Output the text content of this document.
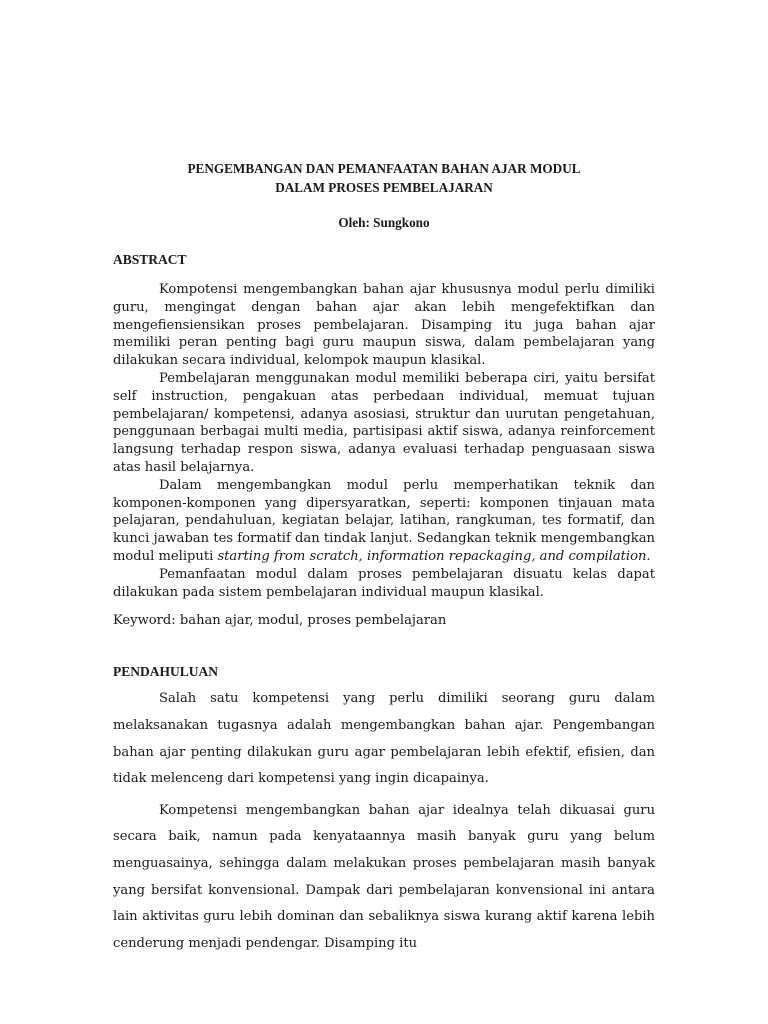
PENGEMBANGAN DAN PEMANFAATAN BAHAN AJAR MODUL
DALAM PROSES PEMBELAJARAN
Oleh: Sungkono
ABSTRACT

Kompotensi mengembangkan bahan ajar khususnya modul perlu dimiliki guru, mengingat dengan bahan ajar akan lebih mengefektifkan dan mengefiensiensikan proses pembelajaran. Disamping itu juga bahan ajar memiliki peran penting bagi guru maupun siswa, dalam pembelajaran yang dilakukan secara individual, kelompok maupun klasikal.

Pembelajaran menggunakan modul memiliki beberapa ciri, yaitu bersifat self instruction, pengakuan atas perbedaan individual, memuat tujuan pembelajaran/ kompetensi, adanya asosiasi, struktur dan uurutan pengetahuan, penggunaan berbagai multi media, partisipasi aktif siswa, adanya reinforcement langsung terhadap respon siswa, adanya evaluasi terhadap penguasaan siswa atas hasil belajarnya.

Dalam mengembangkan modul perlu memperhatikan teknik dan komponen-komponen yang dipersyaratkan, seperti: komponen tinjauan mata pelajaran, pendahuluan, kegiatan belajar, latihan, rangkuman, tes formatif, dan kunci jawaban tes formatif dan tindak lanjut. Sedangkan teknik mengembangkan modul meliputi starting from scratch, information repackaging, and compilation.

Pemanfaatan modul dalam proses pembelajaran disuatu kelas dapat dilakukan pada sistem pembelajaran individual maupun klasikal.

Keyword: bahan ajar, modul, proses pembelajaran
PENDAHULUAN

Salah satu kompetensi yang perlu dimiliki seorang guru dalam melaksanakan tugasnya adalah mengembangkan bahan ajar. Pengembangan bahan ajar penting dilakukan guru agar pembelajaran lebih efektif, efisien, dan tidak melenceng dari kompetensi yang ingin dicapainya.

Kompetensi mengembangkan bahan ajar idealnya telah dikuasai guru secara baik, namun pada kenyataannya masih banyak guru yang belum menguasainya, sehingga dalam melakukan proses pembelajaran masih banyak yang bersifat konvensional. Dampak dari pembelajaran konvensional ini antara lain aktivitas guru lebih dominan dan sebaliknya siswa kurang aktif karena lebih cenderung menjadi pendengar. Disamping itu
